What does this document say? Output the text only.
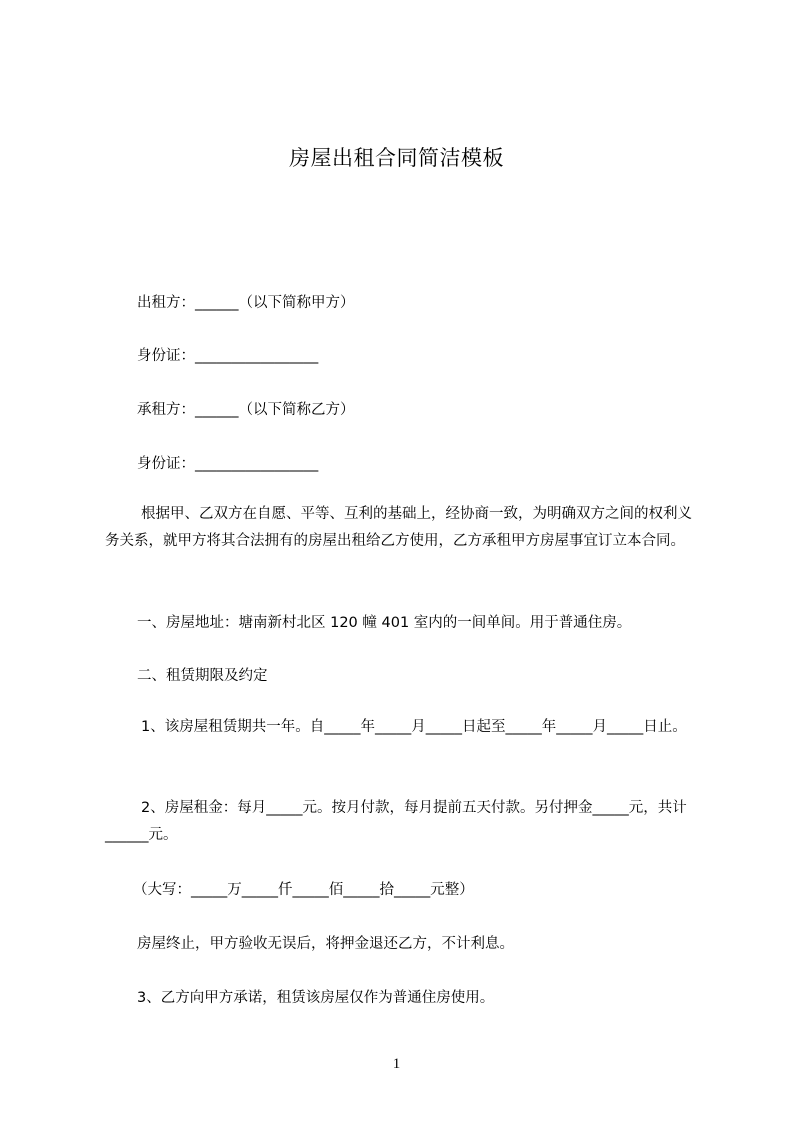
房屋出租合同简洁模板
出租方：______（以下简称甲方）
身份证：_________________
承租方：______（以下简称乙方）
身份证：_________________
根据甲、乙双方在自愿、平等、互利的基础上，经协商一致，为明确双方之间的权利义务关系，就甲方将其合法拥有的房屋出租给乙方使用，乙方承租甲方房屋事宜订立本合同。
一、房屋地址：塘南新村北区 120 幢 401 室内的一间单间。用于普通住房。
二、租赁期限及约定
1、该房屋租赁期共一年。自_____年_____月_____日起至_____年_____月_____日止。
2、房屋租金：每月_____元。按月付款，每月提前五天付款。另付押金_____元，共计______元。
（大写：_____万_____仟_____佰_____拾_____元整）
房屋终止，甲方验收无误后，将押金退还乙方，不计利息。
3、乙方向甲方承诺，租赁该房屋仅作为普通住房使用。
1
